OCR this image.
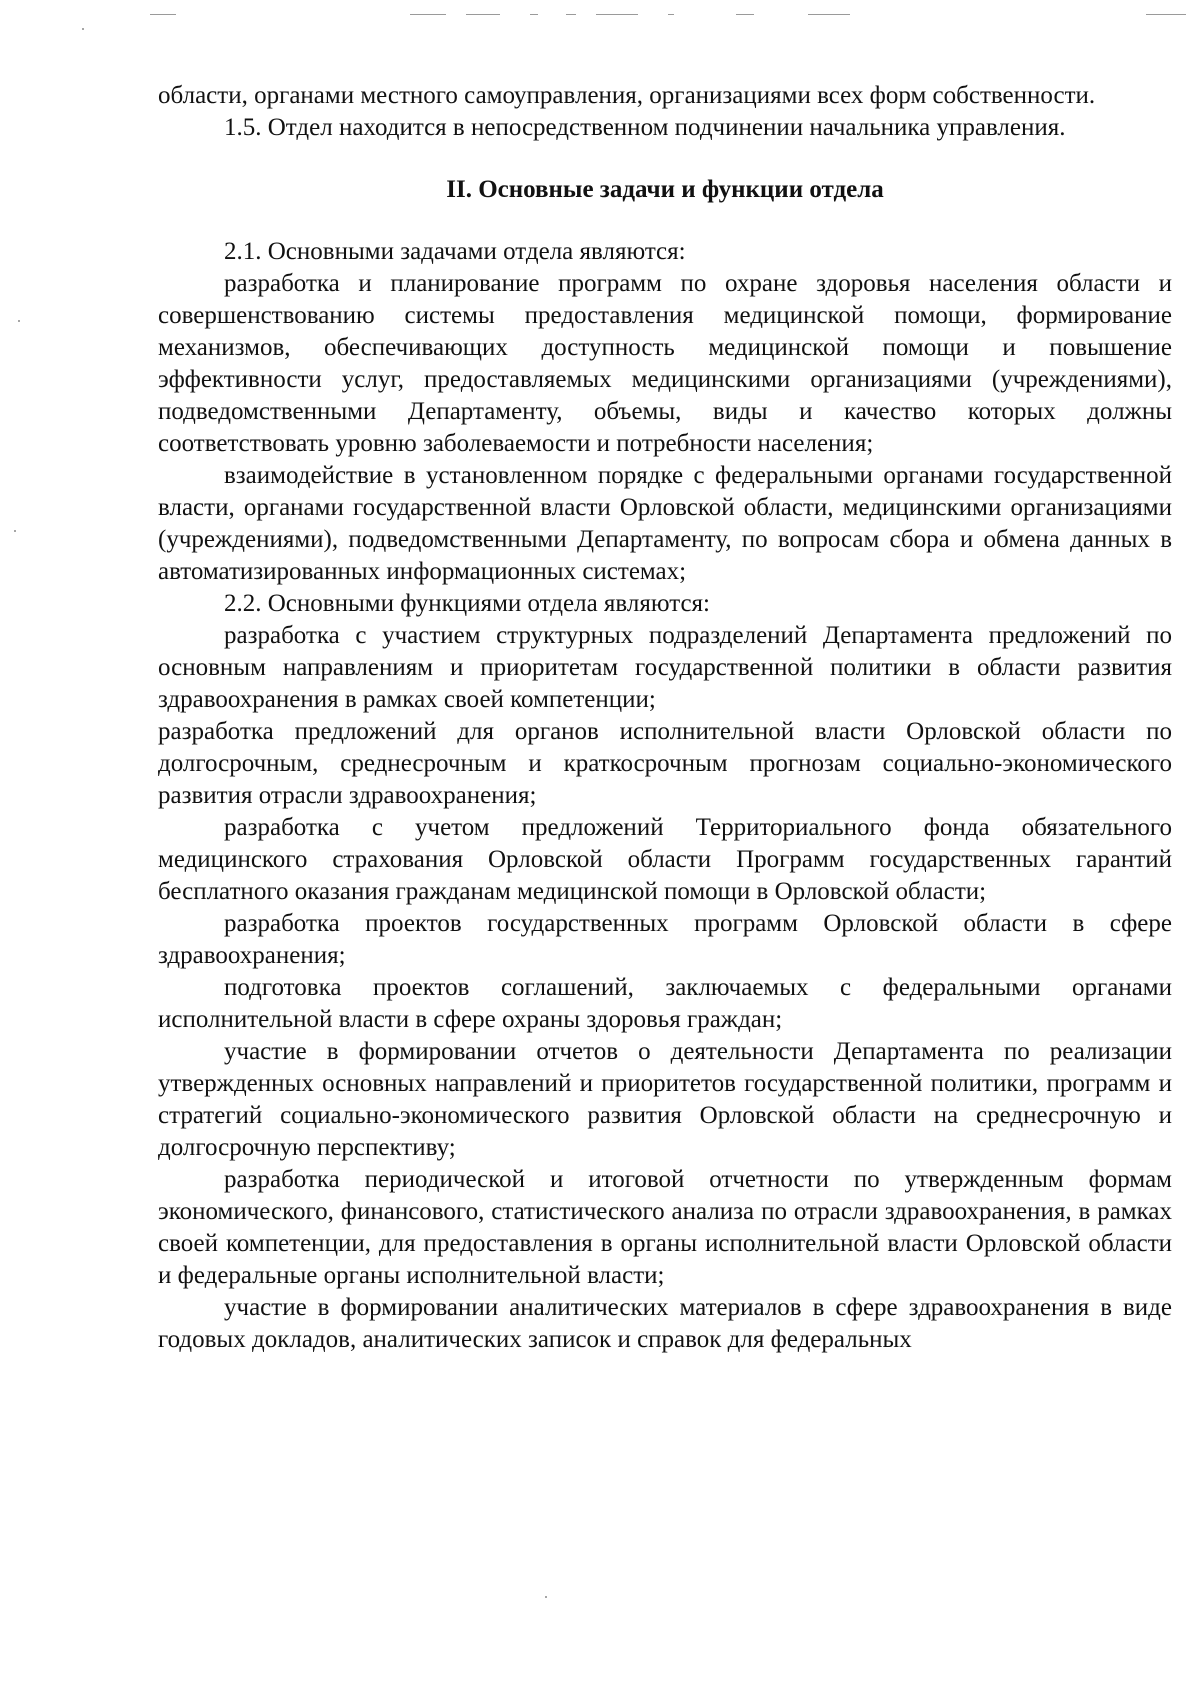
области, органами местного самоуправления, организациями всех форм собственности.

1.5. Отдел находится в непосредственном подчинении начальника управления.

II. Основные задачи и функции отдела

2.1. Основными задачами отдела являются:

разработка и планирование программ по охране здоровья населения области и совершенствованию системы предоставления медицинской помощи, формирование механизмов, обеспечивающих доступность медицинской помощи и повышение эффективности услуг, предоставляемых медицинскими организациями (учреждениями), подведомственными Департаменту, объемы, виды и качество которых должны соответствовать уровню заболеваемости и потребности населения;

взаимодействие в установленном порядке с федеральными органами государственной власти, органами государственной власти Орловской области, медицинскими организациями (учреждениями), подведомственными Департаменту, по вопросам сбора и обмена данных в автоматизированных информационных системах;

2.2. Основными функциями отдела являются:

разработка с участием структурных подразделений Департамента предложений по основным направлениям и приоритетам государственной политики в области развития здравоохранения в рамках своей компетенции;

разработка предложений для органов исполнительной власти Орловской области по долгосрочным, среднесрочным и краткосрочным прогнозам социально-экономического развития отрасли здравоохранения;

разработка с учетом предложений Территориального фонда обязательного медицинского страхования Орловской области Программ государственных гарантий бесплатного оказания гражданам медицинской помощи в Орловской области;

разработка проектов государственных программ Орловской области в сфере здравоохранения;

подготовка проектов соглашений, заключаемых с федеральными органами исполнительной власти в сфере охраны здоровья граждан;

участие в формировании отчетов о деятельности Департамента по реализации утвержденных основных направлений и приоритетов государственной политики, программ и стратегий социально-экономического развития Орловской области на среднесрочную и долгосрочную перспективу;

разработка периодической и итоговой отчетности по утвержденным формам экономического, финансового, статистического анализа по отрасли здравоохранения, в рамках своей компетенции, для предоставления в органы исполнительной власти Орловской области и федеральные органы исполнительной власти;

участие в формировании аналитических материалов в сфере здравоохранения в виде годовых докладов, аналитических записок и справок для федеральных
